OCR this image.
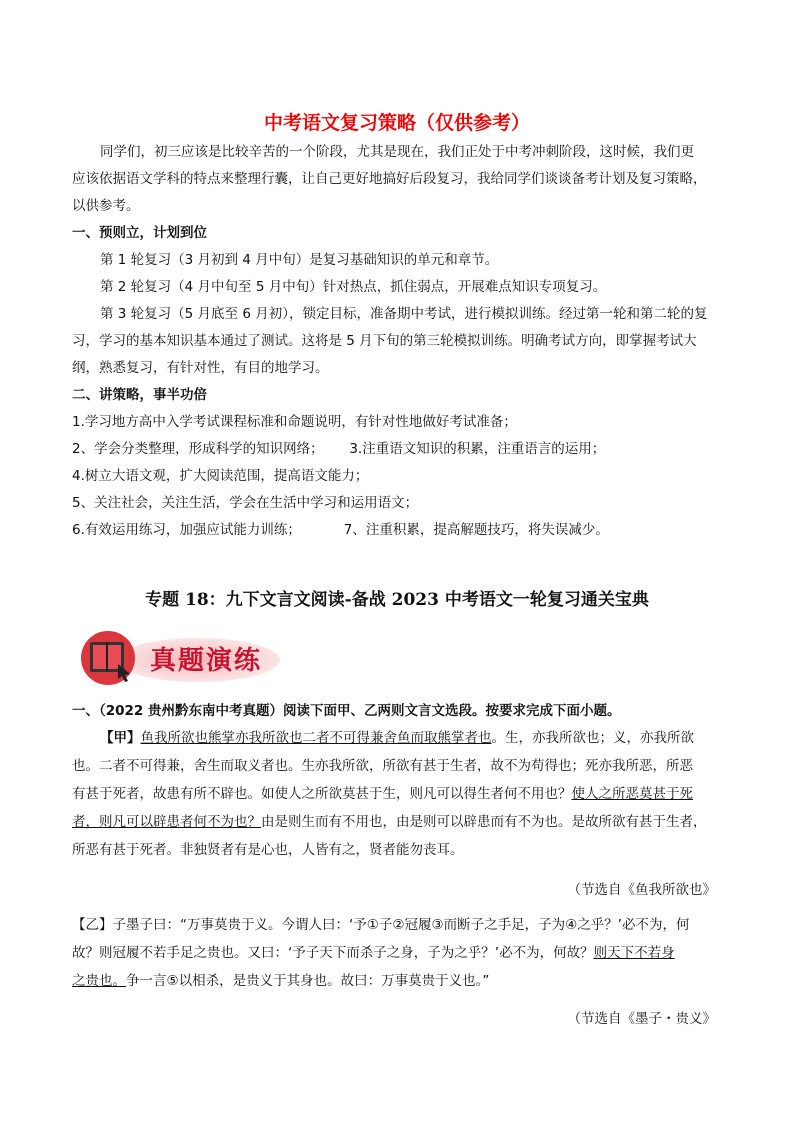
中考语文复习策略（仅供参考）
同学们，初三应该是比较辛苦的一个阶段，尤其是现在，我们正处于中考冲刺阶段，这时候，我们更
应该依据语文学科的特点来整理行囊，让自己更好地搞好后段复习，我给同学们谈谈备考计划及复习策略，
以供参考。
一、预则立，计划到位
第 1 轮复习（3 月初到 4 月中旬）是复习基础知识的单元和章节。
第 2 轮复习（4 月中旬至 5 月中旬）针对热点，抓住弱点，开展难点知识专项复习。
第 3 轮复习（5 月底至 6 月初），锁定目标，准备期中考试，进行模拟训练。经过第一轮和第二轮的复
习，学习的基本知识基本通过了测试。这将是 5 月下旬的第三轮模拟训练。明确考试方向，即掌握考试大
纲，熟悉复习，有针对性，有目的地学习。
二、讲策略，事半功倍
1.学习地方高中入学考试课程标准和命题说明，有针对性地做好考试准备；
2、学会分类整理，形成科学的知识网络；      3.注重语文知识的积累，注重语言的运用；
4.树立大语文观，扩大阅读范围，提高语文能力；
5、关注社会，关注生活，学会在生活中学习和运用语文；
6.有效运用练习，加强应试能力训练；          7、注重积累，提高解题技巧，将失误减少。
专题 18：九下文言文阅读-备战 2023 中考语文一轮复习通关宝典
真题演练
一、（2022 贵州黔东南中考真题）阅读下面甲、乙两则文言文选段。按要求完成下面小题。
【甲】鱼我所欲也熊掌亦我所欲也二者不可得兼舍鱼而取熊掌者也。生，亦我所欲也；义，亦我所欲
也。二者不可得兼，舍生而取义者也。生亦我所欲，所欲有甚于生者，故不为苟得也；死亦我所恶，所恶
有甚于死者，故患有所不辟也。如使人之所欲莫甚于生，则凡可以得生者何不用也？使人之所恶莫甚于死
者，则凡可以辟患者何不为也？由是则生而有不用也，由是则可以辟患而有不为也。是故所欲有甚于生者，
所恶有甚于死者。非独贤者有是心也，人皆有之，贤者能勿丧耳。
（节选自《鱼我所欲也》
【乙】子墨子曰：“万事莫贵于义。今谓人曰：‘予①子②冠履③而断子之手足，子为④之乎？’必不为，何
故？则冠履不若手足之贵也。又曰：‘予子天下而杀子之身，子为之乎？’必不为，何故？则天下不若身
之贵也。争一言⑤以相杀，是贵义于其身也。故曰：万事莫贵于义也。”
（节选自《墨子・贵义》
